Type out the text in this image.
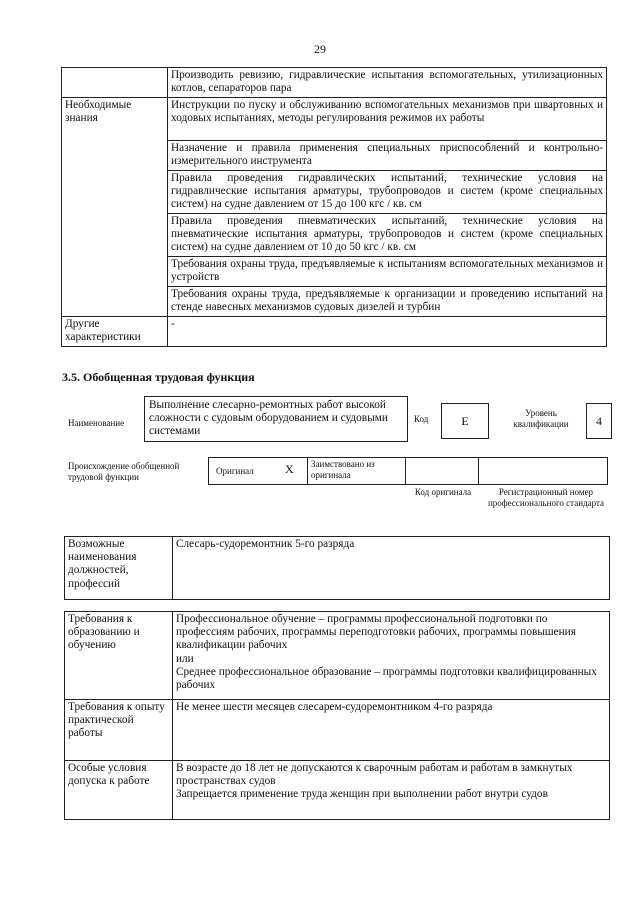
29
	Производить ревизию, гидравлические испытания вспомогательных, утилизационных котлов, сепараторов пара
Необходимые знания	Инструкции по пуску и обслуживанию вспомогательных механизмов при швартовных и ходовых испытаниях, методы регулирования режимов их работы
	Назначение и правила применения специальных приспособлений и контрольно-измерительного инструмента
	Правила проведения гидравлических испытаний, технические условия на гидравлические испытания арматуры, трубопроводов и систем (кроме специальных систем) на судне давлением от 15 до 100 кгс / кв. см
	Правила проведения пневматических испытаний, технические условия на пневматические испытания арматуры, трубопроводов и систем (кроме специальных систем) на судне давлением от 10 до 50 кгс / кв. см
	Требования охраны труда, предъявляемые к испытаниям вспомогательных механизмов и устройств
	Требования охраны труда, предъявляемые к организации и проведению испытаний на стенде навесных механизмов судовых дизелей и турбин
Другие характеристики	-
3.5. Обобщенная трудовая функция
Наименование
Выполнение слесарно-ремонтных работ высокой сложности с судовым оборудованием и судовыми системами
Код	E
Уровень квалификации	4
Происхождение обобщенной трудовой функции
Оригинал	X Заимствовано из оригинала
Код оригинала	Регистрационный номер профессионального стандарта
Возможные наименования должностей, профессий	Слесарь-судоремонтник 5-го разряда
Требования к образованию и обучению	Профессиональное обучение – программы профессиональной подготовки по профессиям рабочих, программы переподготовки рабочих, программы повышения квалификации рабочих
или
Среднее профессиональное образование – программы подготовки квалифицированных рабочих

Требования к опыту практической работы	Не менее шести месяцев слесарем-судоремонтником 4-го разряда
Особые условия допуска к работе	В возрасте до 18 лет не допускаются к сварочным работам и работам в замкнутых пространствах судов
Запрещается применение труда женщин при выполнении работ внутри судов
